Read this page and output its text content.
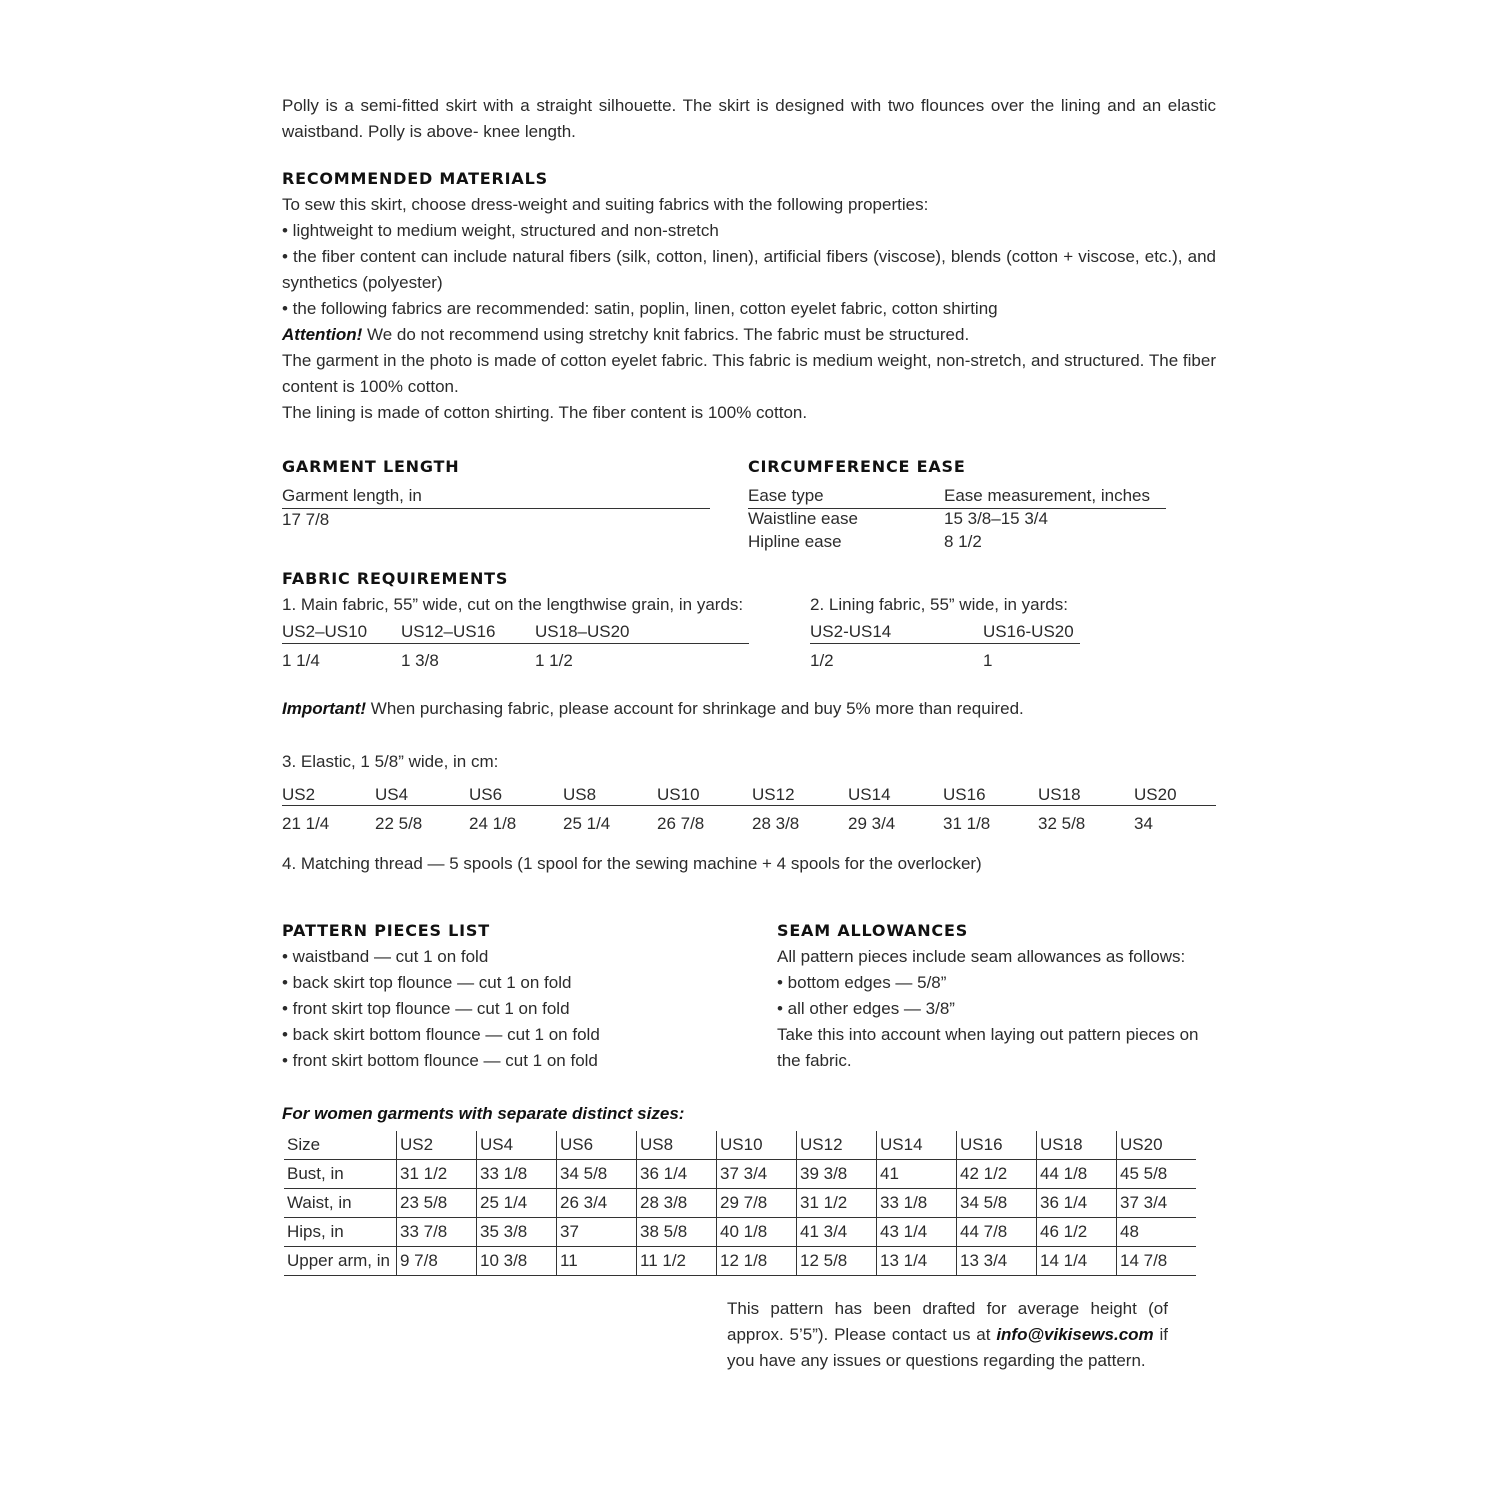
Polly is a semi-fitted skirt with a straight silhouette. The skirt is designed with two flounces over the lining and an elastic waistband. Polly is above- knee length.

RECOMMENDED MATERIALS

To sew this skirt, choose dress-weight and suiting fabrics with the following properties:

• lightweight to medium weight, structured and non-stretch

• the fiber content can include natural fibers (silk, cotton, linen), artificial fibers (viscose), blends (cotton + viscose, etc.), and synthetics (polyester)

• the following fabrics are recommended: satin, poplin, linen, cotton eyelet fabric, cotton shirting

Attention! We do not recommend using stretchy knit fabrics. The fabric must be structured.

The garment in the photo is made of cotton eyelet fabric. This fabric is medium weight, non-stretch, and structured. The fiber content is 100% cotton.

The lining is made of cotton shirting. The fiber content is 100% cotton.

GARMENT LENGTH
Garment length, in
17 7/8
CIRCUMFERENCE EASE
Ease type	Ease measurement, inches
Waistline ease	15 3/8–15 3/4
Hipline ease	8 1/2
FABRIC REQUIREMENTS
1. Main fabric, 55” wide, cut on the lengthwise grain, in yards:
US2–US10 US12–US16 US18–US20
1 1/4	1 3/8	1 1/2
2. Lining fabric, 55” wide, in yards:
US2-US14	US16-US20
1/2	1
Important! When purchasing fabric, please account for shrinkage and buy 5% more than required.
3. Elastic, 1 5/8” wide, in cm:
US2	US4	US6	US8	US10	US12	US14	US16	US18	US20
21 1/4	22 5/8	24 1/8	25 1/4	26 7/8	28 3/8	29 3/4	31 1/8	32 5/8	34
4. Matching thread — 5 spools (1 spool for the sewing machine + 4 spools for the overlocker)
PATTERN PIECES LIST

• waistband — cut 1 on fold

• back skirt top flounce — cut 1 on fold

• front skirt top flounce — cut 1 on fold

• back skirt bottom flounce — cut 1 on fold

• front skirt bottom flounce — cut 1 on fold

SEAM ALLOWANCES

All pattern pieces include seam allowances as follows:

• bottom edges — 5/8”

• all other edges — 3/8”

Take this into account when laying out pattern pieces on the fabric.

For women garments with separate distinct sizes:
Size	US2	US4	US6	US8	US10	US12	US14	US16	US18	US20
Bust, in	31 1/2	33 1/8	34 5/8	36 1/4	37 3/4	39 3/8	41	42 1/2	44 1/8	45 5/8
Waist, in	23 5/8	25 1/4	26 3/4	28 3/8	29 7/8	31 1/2	33 1/8	34 5/8	36 1/4	37 3/4
Hips, in	33 7/8	35 3/8	37	38 5/8	40 1/8	41 3/4	43 1/4	44 7/8	46 1/2	48
Upper arm, in	9 7/8	10 3/8	11	11 1/2	12 1/8	12 5/8	13 1/4	13 3/4	14 1/4	14 7/8

This pattern has been drafted for average height (of approx. 5’5”). Please contact us at info@vikisews.com if you have any issues or questions regarding the pattern.
